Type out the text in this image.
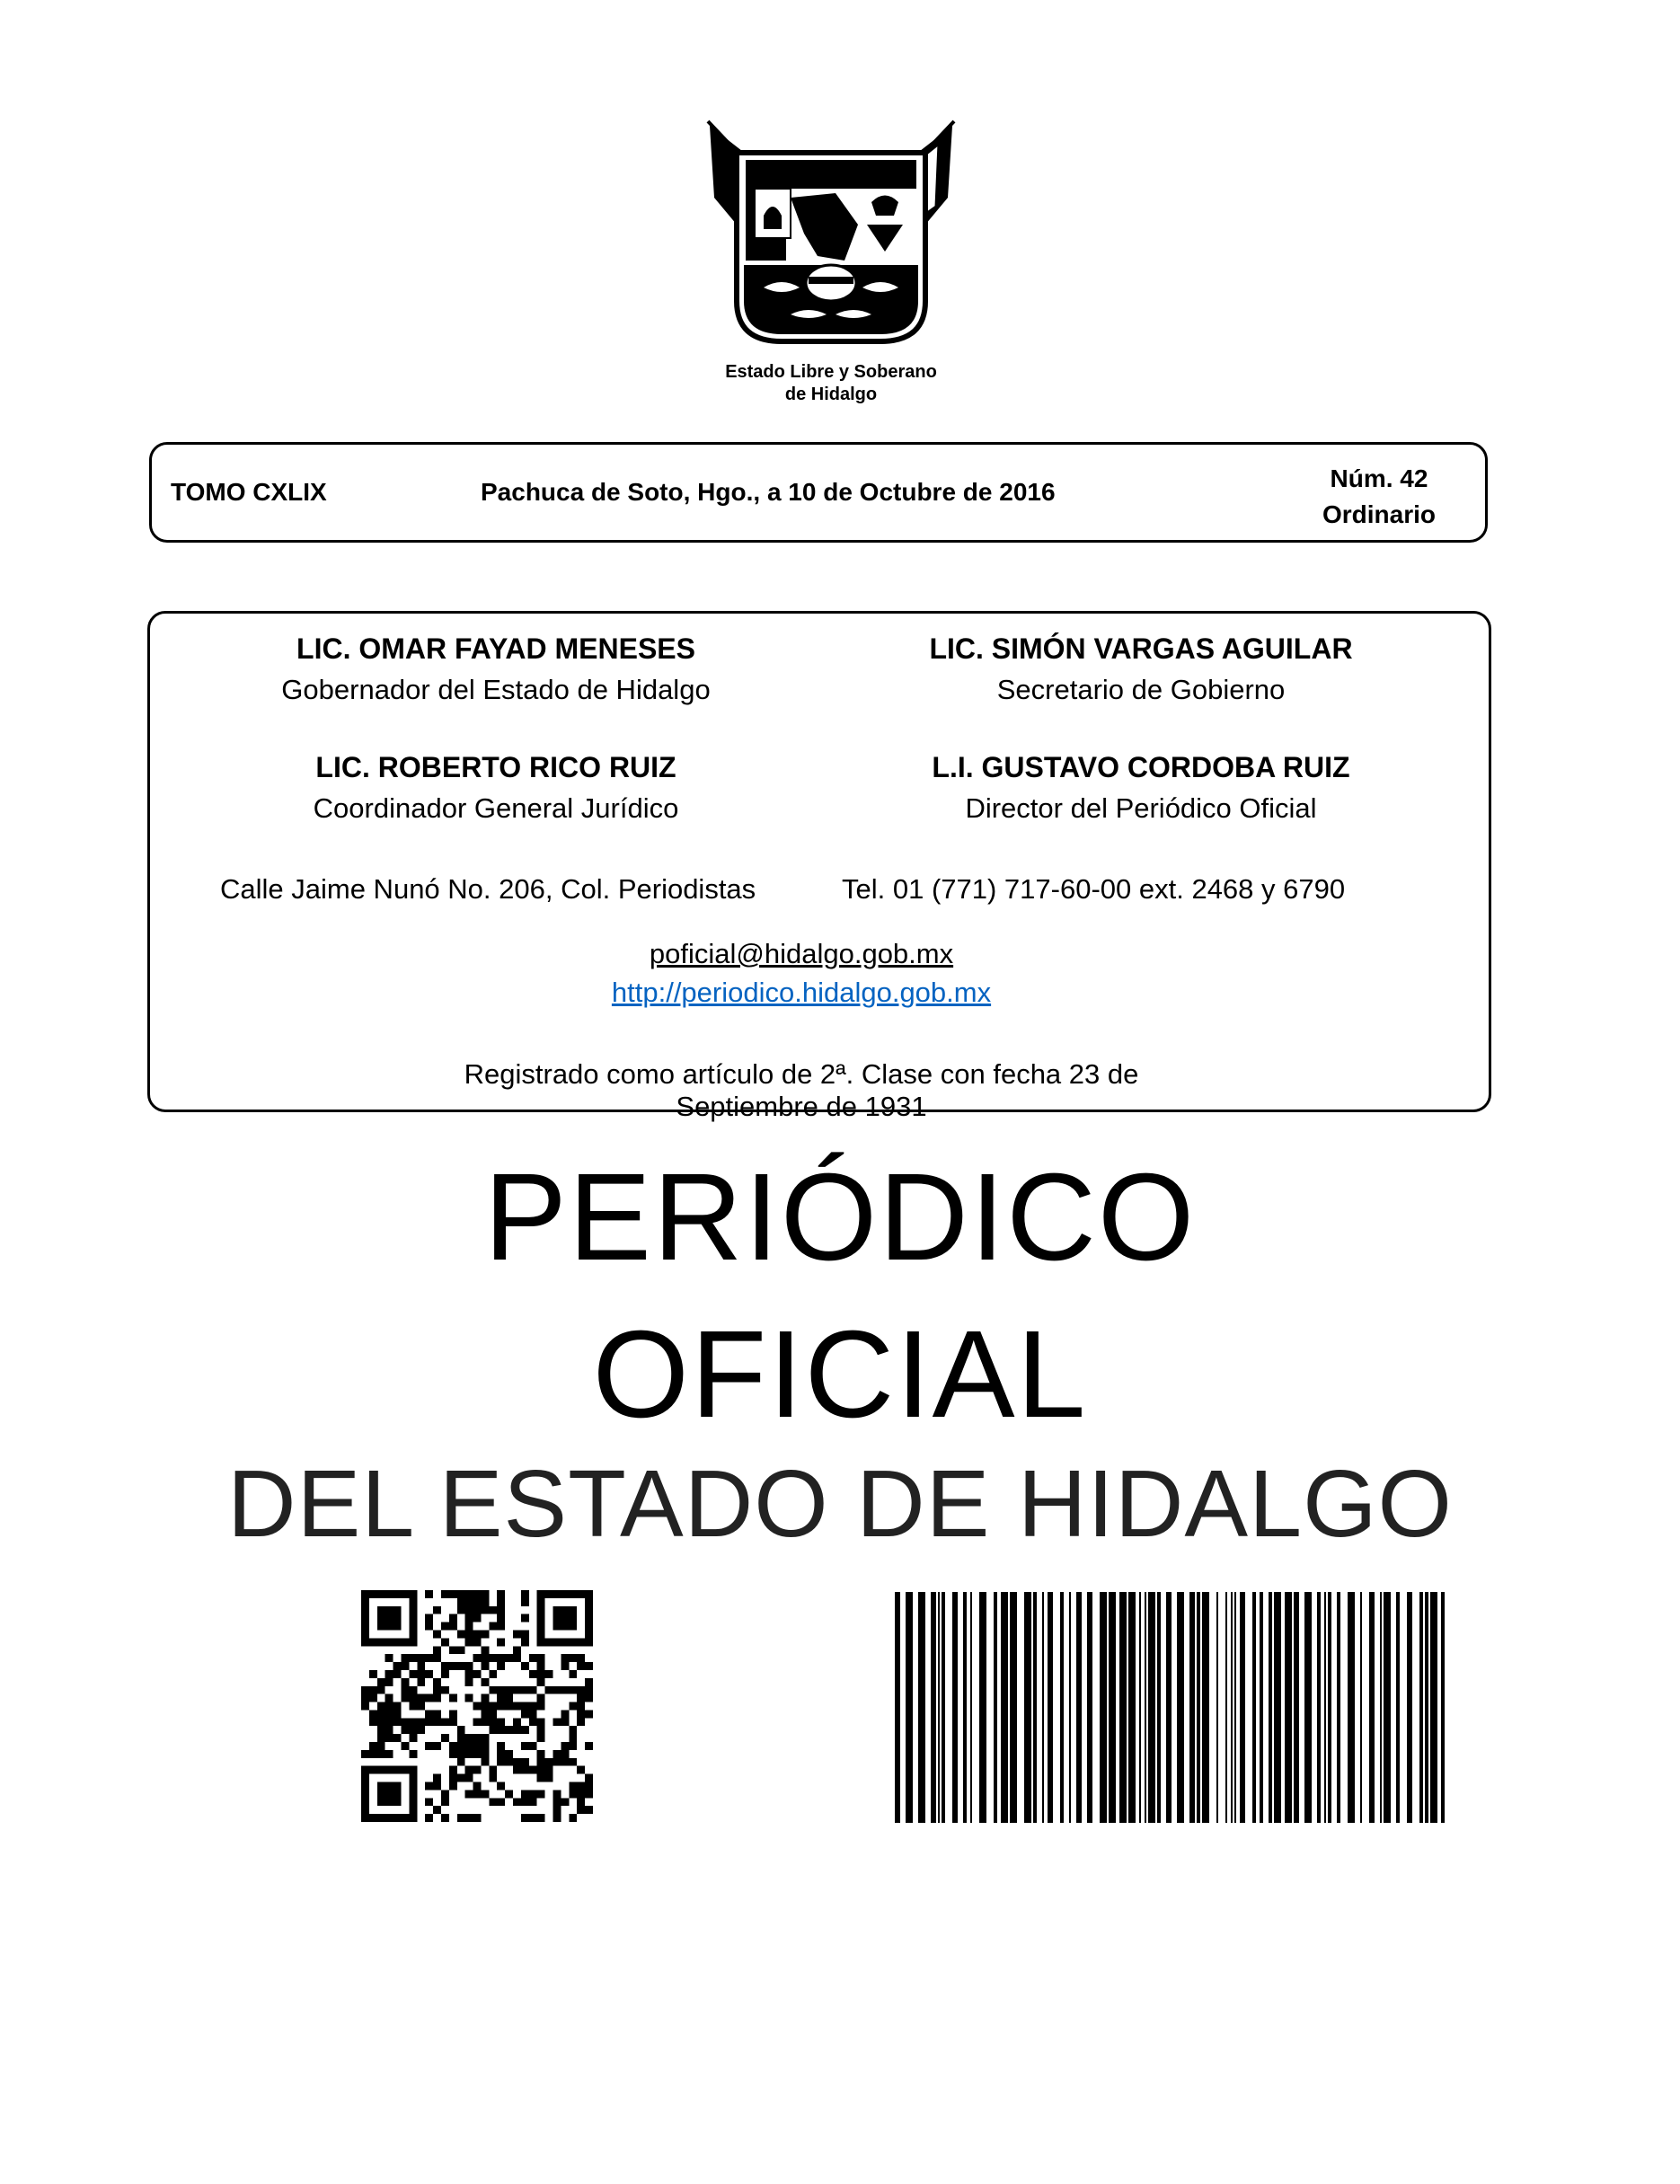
Estado Libre y Soberano
de Hidalgo
TOMO CXLIX	Pachuca de Soto, Hgo., a 10 de Octubre de 2016	Núm. 42
Ordinario
LIC. OMAR FAYAD MENESES
Gobernador del Estado de Hidalgo
LIC. SIMÓN VARGAS AGUILAR
Secretario de Gobierno
LIC. ROBERTO RICO RUIZ
Coordinador General Jurídico
L.I. GUSTAVO CORDOBA RUIZ
Director del Periódico Oficial
Calle Jaime Nunó No. 206, Col. Periodistas	Tel. 01 (771) 717-60-00 ext. 2468 y 6790
poficial@hidalgo.gob.mx
http://periodico.hidalgo.gob.mx
Registrado como artículo de 2ª. Clase con fecha 23 de Septiembre de 1931
PERIÓDICO
OFICIAL
DEL ESTADO DE HIDALGO
